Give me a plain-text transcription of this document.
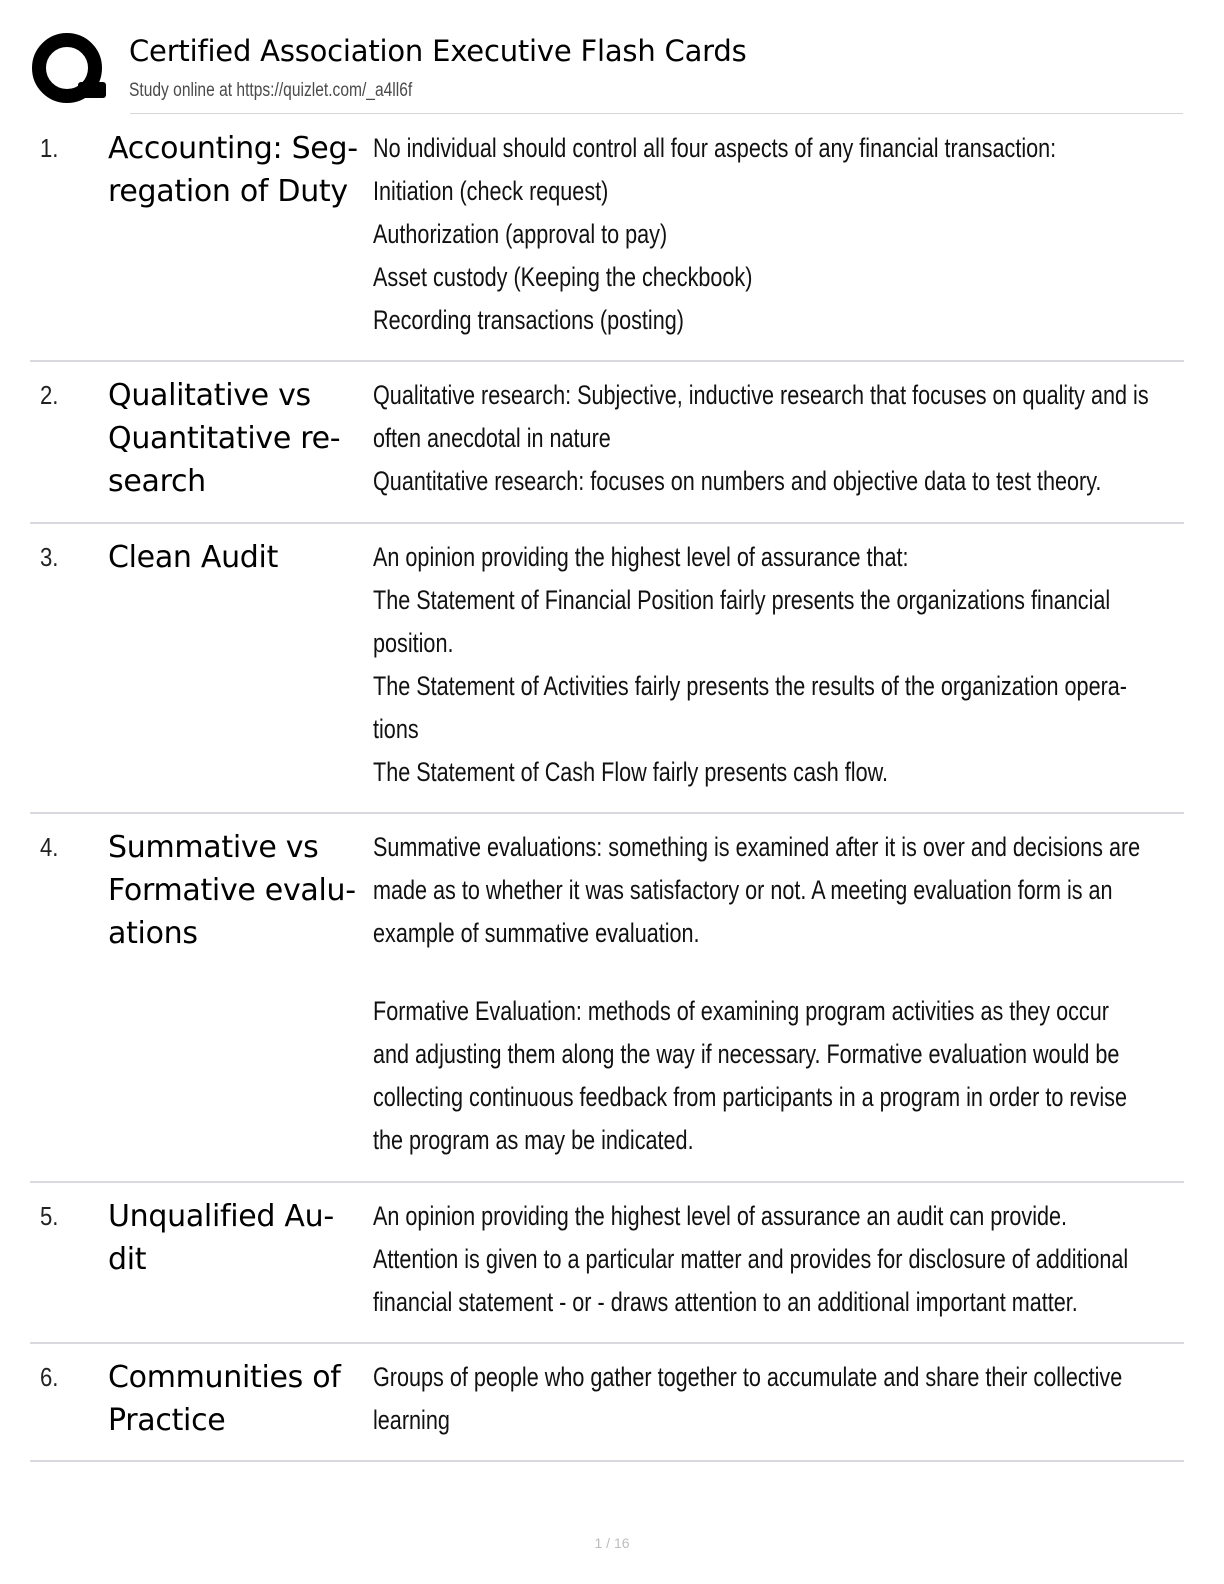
Certified Association Executive Flash Cards
Study online at https://quizlet.com/_a4ll6f
1. Accounting: Seg-
regation of Duty
No individual should control all four aspects of any financial transaction:
Initiation (check request)
Authorization (approval to pay)
Asset custody (Keeping the checkbook)
Recording transactions (posting)
2. Qualitative vs
Quantitative re-
search
Qualitative research: Subjective, inductive research that focuses on quality and is
often anecdotal in nature
Quantitative research: focuses on numbers and objective data to test theory.
3. Clean Audit	An opinion providing the highest level of assurance that:
The Statement of Financial Position fairly presents the organizations financial
position.
The Statement of Activities fairly presents the results of the organization opera-
tions
The Statement of Cash Flow fairly presents cash flow.
4. Summative vs
Formative evalu-
ations
Summative evaluations: something is examined after it is over and decisions are
made as to whether it was satisfactory or not. A meeting evaluation form is an
example of summative evaluation.
Formative Evaluation: methods of examining program activities as they occur
and adjusting them along the way if necessary. Formative evaluation would be
collecting continuous feedback from participants in a program in order to revise
the program as may be indicated.
5. Unqualified Au-
dit
An opinion providing the highest level of assurance an audit can provide.
Attention is given to a particular matter and provides for disclosure of additional
financial statement - or - draws attention to an additional important matter.
6. Communities of
Practice
Groups of people who gather together to accumulate and share their collective
learning
1 / 16
